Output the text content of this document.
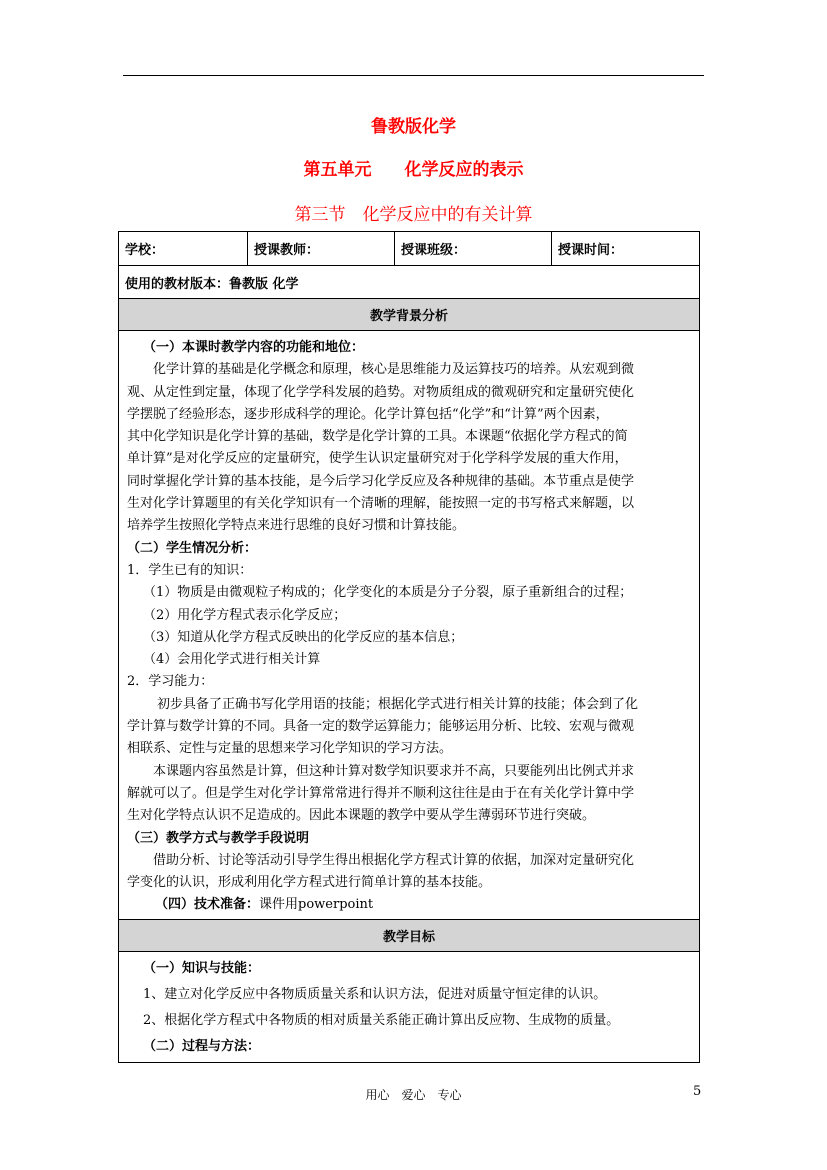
鲁教版化学
第五单元　 化学反应的表示
第三节　化学反应中的有关计算
学校：	授课教师：	授课班级：	授课时间：
使用的教材版本：鲁教版 化学
教学背景分析
（一）本课时教学内容的功能和地位：
化学计算的基础是化学概念和原理，核心是思维能力及运算技巧的培养。从宏观到微
观、从定性到定量，体现了化学学科发展的趋势。对物质组成的微观研究和定量研究使化
学摆脱了经验形态，逐步形成科学的理论。化学计算包括“化学”和“计算”两个因素，
其中化学知识是化学计算的基础，数学是化学计算的工具。本课题“依据化学方程式的简
单计算”是对化学反应的定量研究，使学生认识定量研究对于化学科学发展的重大作用，
同时掌握化学计算的基本技能，是今后学习化学反应及各种规律的基础。本节重点是使学
生对化学计算题里的有关化学知识有一个清晰的理解，能按照一定的书写格式来解题，以
培养学生按照化学特点来进行思维的良好习惯和计算技能。
（二）学生情况分析：
1．学生已有的知识：
（1）物质是由微观粒子构成的；化学变化的本质是分子分裂，原子重新组合的过程；
（2）用化学方程式表示化学反应；
（3）知道从化学方程式反映出的化学反应的基本信息；
（4）会用化学式进行相关计算
2．学习能力：
初步具备了正确书写化学用语的技能；根据化学式进行相关计算的技能；体会到了化
学计算与数学计算的不同。具备一定的数学运算能力；能够运用分析、比较、宏观与微观
相联系、定性与定量的思想来学习化学知识的学习方法。
本课题内容虽然是计算，但这种计算对数学知识要求并不高，只要能列出比例式并求
解就可以了。但是学生对化学计算常常进行得并不顺利这往往是由于在有关化学计算中学
生对化学特点认识不足造成的。因此本课题的教学中要从学生薄弱环节进行突破。
（三）教学方式与教学手段说明
借助分析、讨论等活动引导学生得出根据化学方程式计算的依据，加深对定量研究化
学变化的认识，形成利用化学方程式进行简单计算的基本技能。
（四）技术准备：课件用powerpoint
教学目标
（一）知识与技能：
1、建立对化学反应中各物质质量关系和认识方法，促进对质量守恒定律的认识。
2、根据化学方程式中各物质的相对质量关系能正确计算出反应物、生成物的质量。
（二）过程与方法：
用心　爱心　专心	5
